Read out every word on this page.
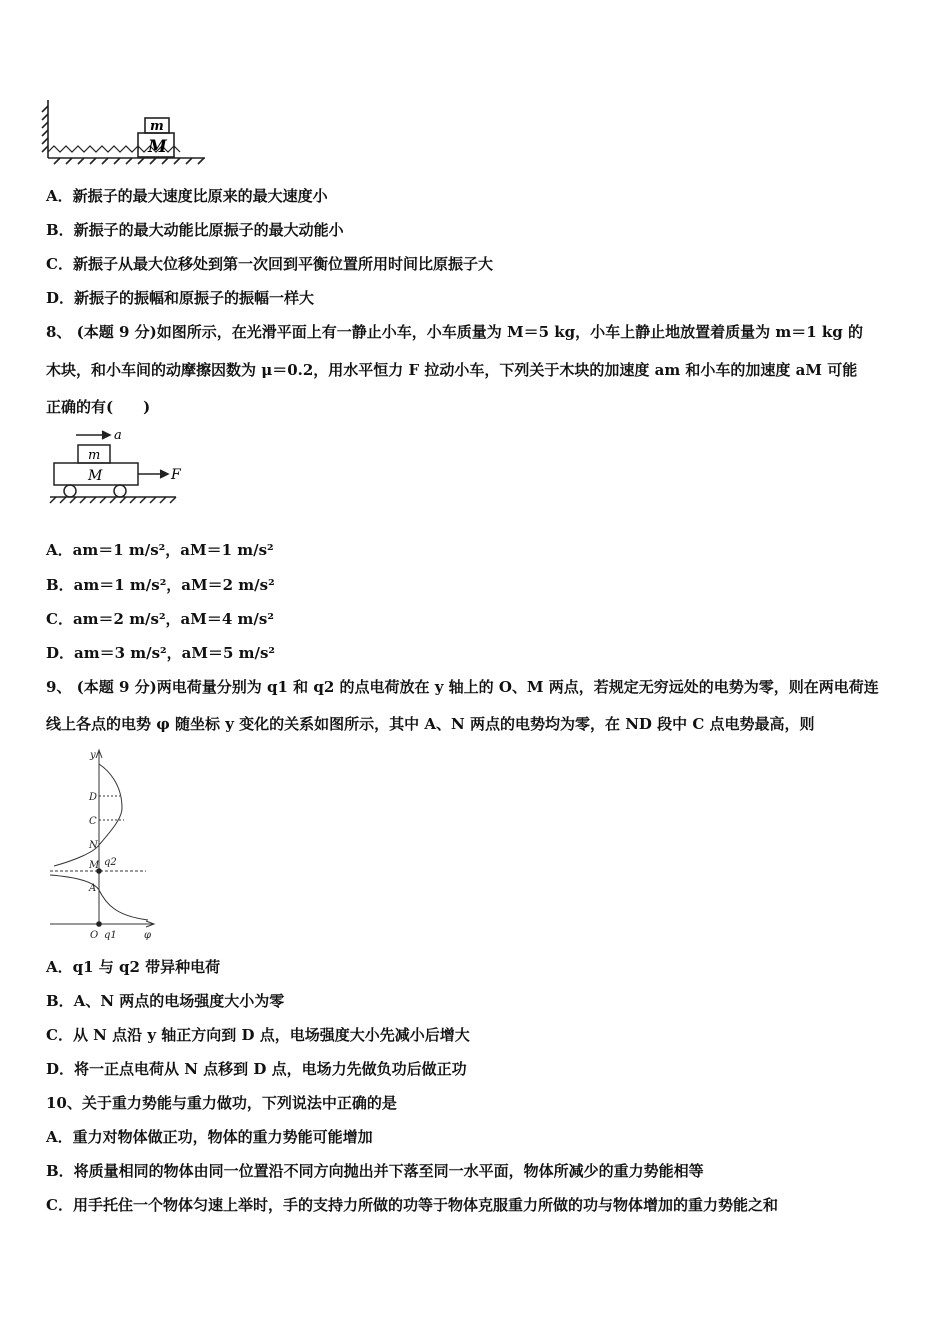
M
m
A．新振子的最大速度比原来的最大速度小
B．新振子的最大动能比原振子的最大动能小
C．新振子从最大位移处到第一次回到平衡位置所用时间比原振子大
D．新振子的振幅和原振子的振幅一样大
8、 (本题 9 分)如图所示，在光滑平面上有一静止小车，小车质量为 M＝5 kg，小车上静止地放置着质量为 m＝1 kg 的
木块，和小车间的动摩擦因数为 μ＝0.2，用水平恒力 F 拉动小车，下列关于木块的加速度 am 和小车的加速度 aM 可能
正确的有(　　)
a
m
M	F
A．am＝1 m/s²，aM＝1 m/s²
B．am＝1 m/s²，aM＝2 m/s²
C．am＝2 m/s²，aM＝4 m/s²
D．am＝3 m/s²，aM＝5 m/s²
9、 (本题 9 分)两电荷量分别为 q1 和 q2 的点电荷放在 y 轴上的 O、M 两点，若规定无穷远处的电势为零，则在两电荷连
线上各点的电势 φ 随坐标 y 变化的关系如图所示，其中 A、N 两点的电势均为零，在 ND 段中 C 点电势最高，则
y
D
C
N
M q2
A
O q1	φ
A．q1 与 q2 带异种电荷
B．A、N 两点的电场强度大小为零
C．从 N 点沿 y 轴正方向到 D 点，电场强度大小先减小后增大
D．将一正点电荷从 N 点移到 D 点，电场力先做负功后做正功
10、关于重力势能与重力做功，下列说法中正确的是
A．重力对物体做正功，物体的重力势能可能增加
B．将质量相同的物体由同一位置沿不同方向抛出并下落至同一水平面，物体所减少的重力势能相等
C．用手托住一个物体匀速上举时，手的支持力所做的功等于物体克服重力所做的功与物体增加的重力势能之和
